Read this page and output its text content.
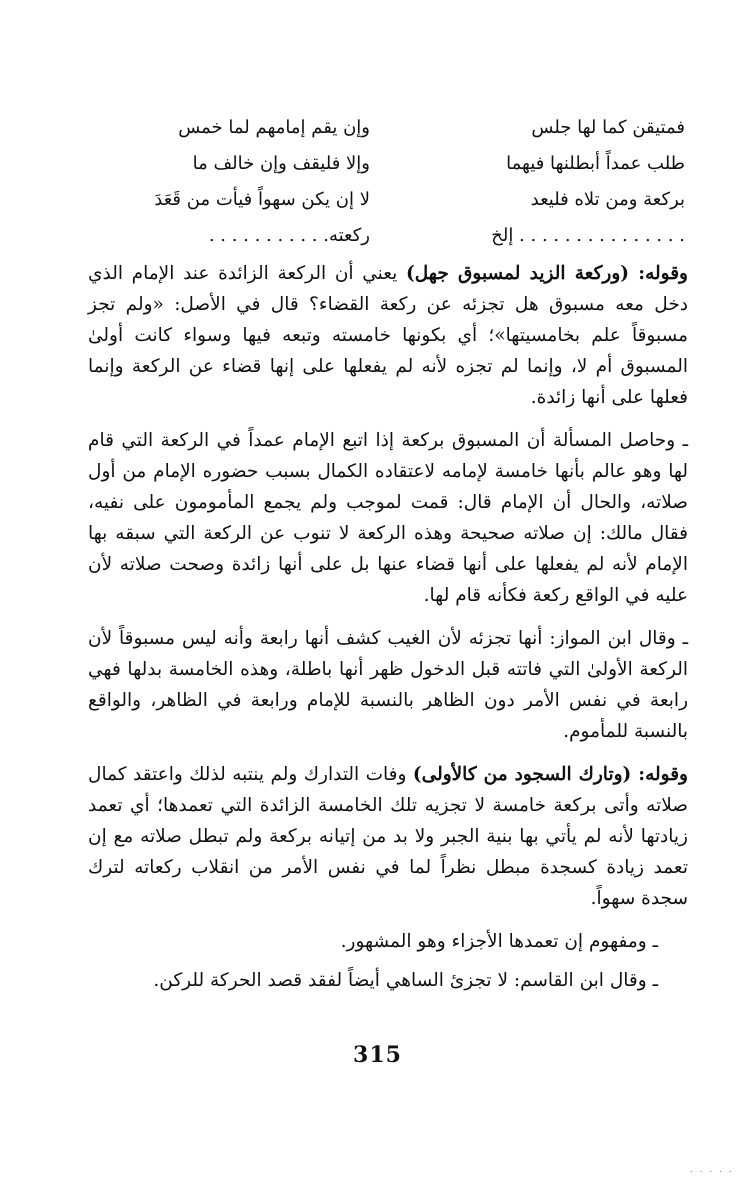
وإن يقم إمامهم لما خمس	فمتيقن كما لها جلس
وإلا فليقف وإن خالف ما	طلب عمداً أبطلنها فيهما
لا إن يكن سهواً فيأت من قَعَدَ	بركعة ومن تلاه فليعد
ركعته. . . . . . . . . . .	. . . . . . . . . . . . . . . إلخ

وقوله: (وركعة الزيد لمسبوق جهل) يعني أن الركعة الزائدة عند الإمام الذي دخل معه مسبوق هل تجزئه عن ركعة القضاء؟ قال في الأصل: «ولم تجز مسبوقاً علم بخامسيتها»؛ أي بكونها خامسته وتبعه فيها وسواء كانت أولىٰ المسبوق أم لا، وإنما لم تجزه لأنه لم يفعلها على إنها قضاء عن الركعة وإنما فعلها على أنها زائدة.

ـ وحاصل المسألة أن المسبوق بركعة إذا اتبع الإمام عمداً في الركعة التي قام لها وهو عالم بأنها خامسة لإمامه لاعتقاده الكمال بسبب حضوره الإمام من أول صلاته، والحال أن الإمام قال: قمت لموجب ولم يجمع المأمومون على نفيه، فقال مالك: إن صلاته صحيحة وهذه الركعة لا تنوب عن الركعة التي سبقه بها الإمام لأنه لم يفعلها على أنها قضاء عنها بل على أنها زائدة وصحت صلاته لأن عليه في الواقع ركعة فكأنه قام لها.

ـ وقال ابن المواز: أنها تجزئه لأن الغيب كشف أنها رابعة وأنه ليس مسبوقاً لأن الركعة الأولىٰ التي فاتته قبل الدخول ظهر أنها باطلة، وهذه الخامسة بدلها فهي رابعة في نفس الأمر دون الظاهر بالنسبة للإمام ورابعة في الظاهر، والواقع بالنسبة للمأموم.

وقوله: (وتارك السجود من كالأولى) وفات التدارك ولم ينتبه لذلك واعتقد كمال صلاته وأتى بركعة خامسة لا تجزيه تلك الخامسة الزائدة التي تعمدها؛ أي تعمد زيادتها لأنه لم يأتي بها بنية الجبر ولا بد من إتيانه بركعة ولم تبطل صلاته مع إن تعمد زيادة كسجدة مبطل نظراً لما في نفس الأمر من انقلاب ركعاته لترك سجدة سهواً.

ـ ومفهوم إن تعمدها الأجزاء وهو المشهور.

ـ وقال ابن القاسم: لا تجزئ الساهي أيضاً لفقد قصد الحركة للركن.

315
. . . . .
